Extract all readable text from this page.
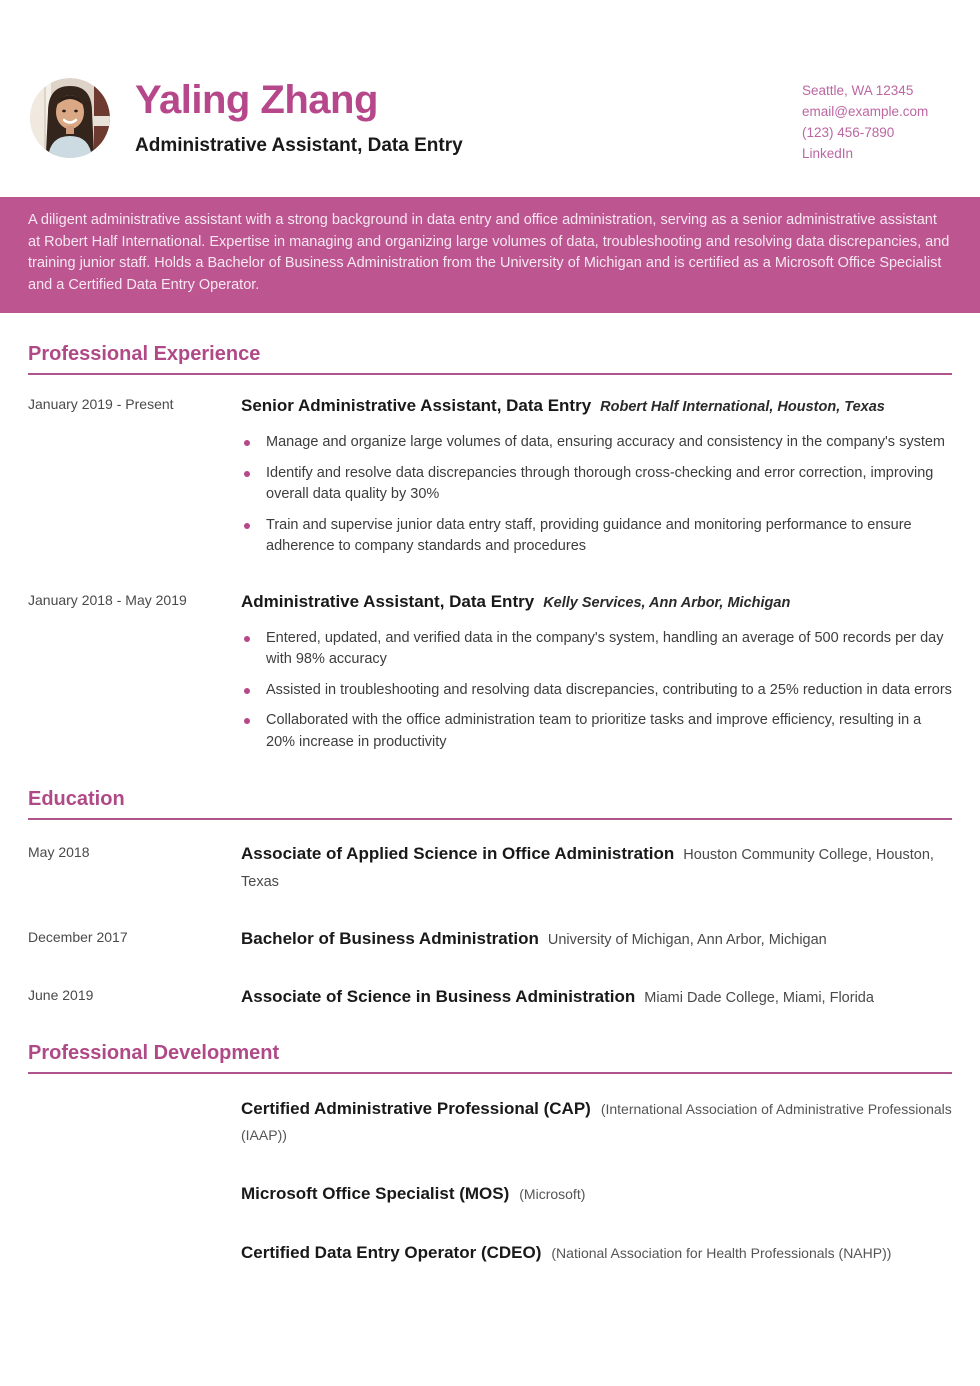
Yaling Zhang
Administrative Assistant, Data Entry
Seattle, WA 12345
email@example.com
(123) 456-7890
LinkedIn

A diligent administrative assistant with a strong background in data entry and office administration, serving as a senior administrative assistant at Robert Half International. Expertise in managing and organizing large volumes of data, troubleshooting and resolving data discrepancies, and training junior staff. Holds a Bachelor of Business Administration from the University of Michigan and is certified as a Microsoft Office Specialist and a Certified Data Entry Operator.

Professional Experience
January 2019 - Present	Senior Administrative Assistant, Data Entry Robert Half International, Houston, Texas
Manage and organize large volumes of data, ensuring accuracy and consistency in the company's system
Identify and resolve data discrepancies through thorough cross-checking and error correction, improving overall data quality by 30%
Train and supervise junior data entry staff, providing guidance and monitoring performance to ensure adherence to company standards and procedures
January 2018 - May 2019	Administrative Assistant, Data Entry Kelly Services, Ann Arbor, Michigan
Entered, updated, and verified data in the company's system, handling an average of 500 records per day with 98% accuracy
Assisted in troubleshooting and resolving data discrepancies, contributing to a 25% reduction in data errors
Collaborated with the office administration team to prioritize tasks and improve efficiency, resulting in a 20% increase in productivity
Education
May 2018	Associate of Applied Science in Office Administration Houston Community College, Houston, Texas
December 2017	Bachelor of Business Administration University of Michigan, Ann Arbor, Michigan
June 2019	Associate of Science in Business Administration Miami Dade College, Miami, Florida
Professional Development
Certified Administrative Professional (CAP) (International Association of Administrative Professionals (IAAP))
Microsoft Office Specialist (MOS) (Microsoft)
Certified Data Entry Operator (CDEO) (National Association for Health Professionals (NAHP))
